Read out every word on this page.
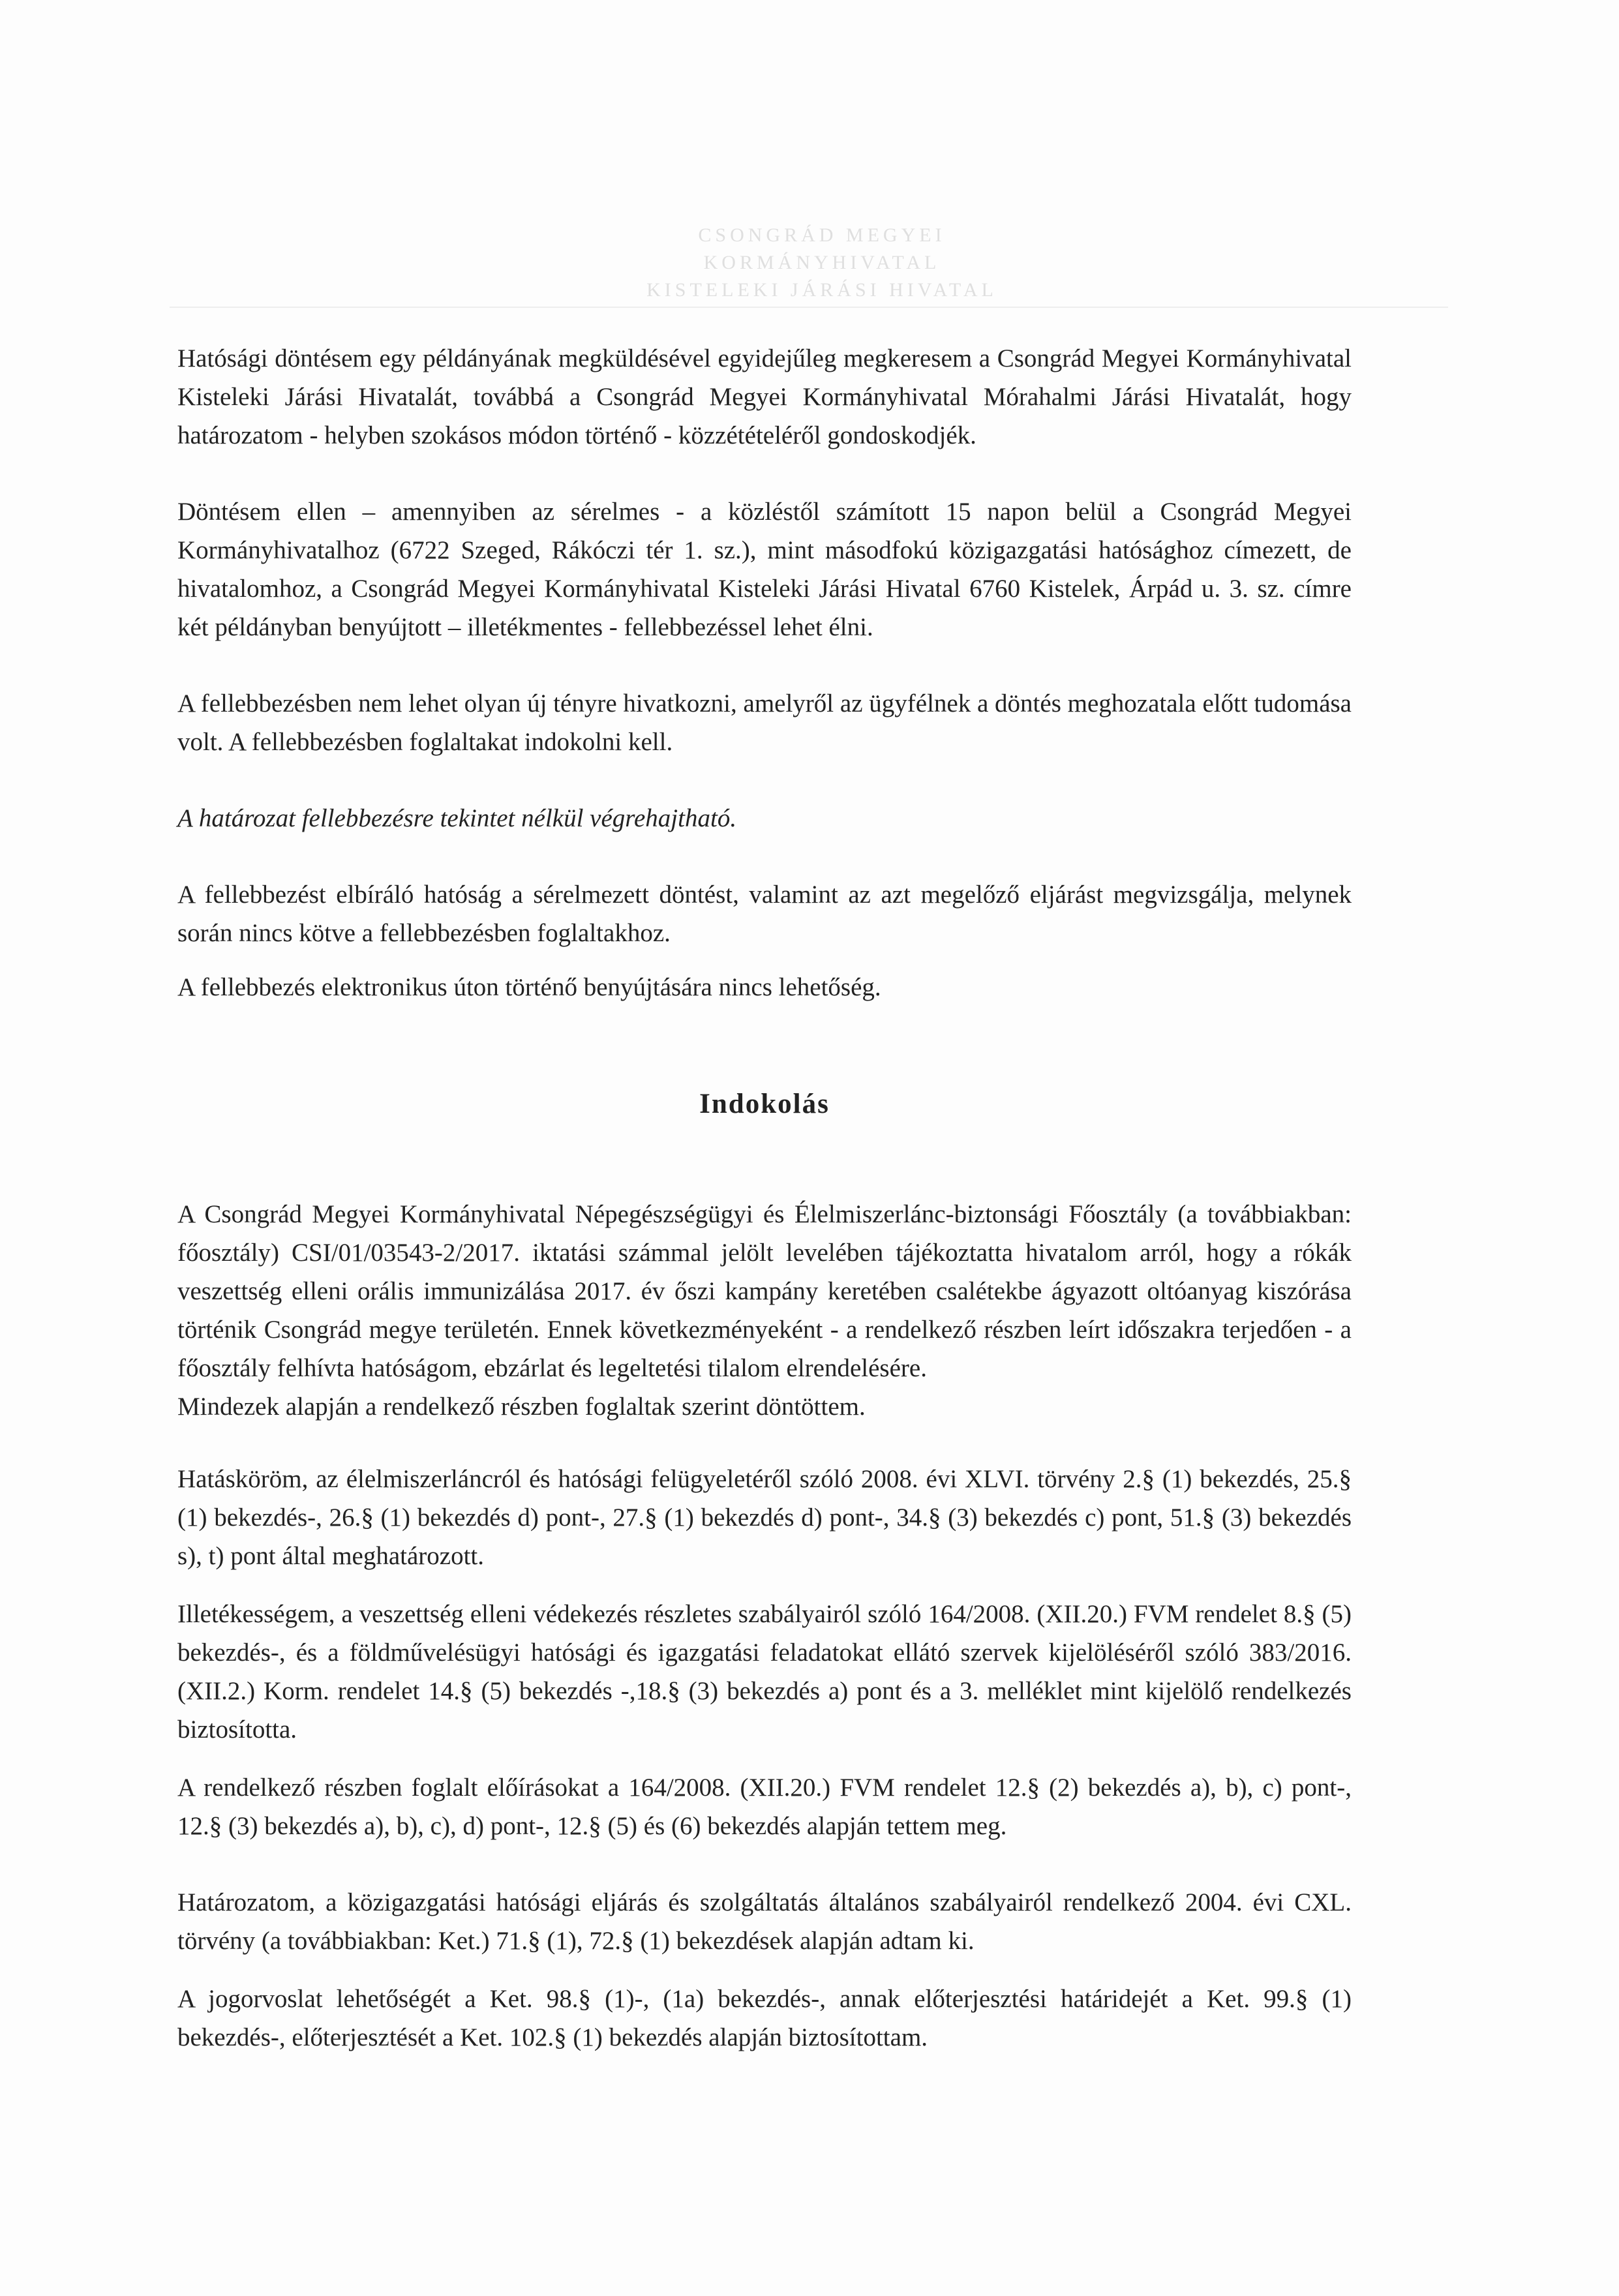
CSONGRÁD MEGYEI
KORMÁNYHIVATAL
KISTELEKI JÁRÁSI HIVATAL

Hatósági döntésem egy példányának megküldésével egyidejűleg megkeresem a Csongrád Megyei Kormányhivatal Kisteleki Járási Hivatalát, továbbá a Csongrád Megyei Kormányhivatal Mórahalmi Járási Hivatalát, hogy határozatom - helyben szokásos módon történő - közzétételéről gondoskodjék.

Döntésem ellen – amennyiben az sérelmes - a közléstől számított 15 napon belül a Csongrád Megyei Kormányhivatalhoz (6722 Szeged, Rákóczi tér 1. sz.), mint másodfokú közigazgatási hatósághoz címezett, de hivatalomhoz, a Csongrád Megyei Kormányhivatal Kisteleki Járási Hivatal 6760 Kistelek, Árpád u. 3. sz. címre két példányban benyújtott – illetékmentes - fellebbezéssel lehet élni.

A fellebbezésben nem lehet olyan új tényre hivatkozni, amelyről az ügyfélnek a döntés meghozatala előtt tudomása volt. A fellebbezésben foglaltakat indokolni kell.

A határozat fellebbezésre tekintet nélkül végrehajtható.

A fellebbezést elbíráló hatóság a sérelmezett döntést, valamint az azt megelőző eljárást megvizsgálja, melynek során nincs kötve a fellebbezésben foglaltakhoz.

A fellebbezés elektronikus úton történő benyújtására nincs lehetőség.

Indokolás

A Csongrád Megyei Kormányhivatal Népegészségügyi és Élelmiszerlánc-biztonsági Főosztály (a továbbiakban: főosztály) CSI/01/03543-2/2017. iktatási számmal jelölt levelében tájékoztatta hivatalom arról, hogy a rókák veszettség elleni orális immunizálása 2017. év őszi kampány keretében csalétekbe ágyazott oltóanyag kiszórása történik Csongrád megye területén. Ennek következményeként - a rendelkező részben leírt időszakra terjedően - a főosztály felhívta hatóságom, ebzárlat és legeltetési tilalom elrendelésére.

Mindezek alapján a rendelkező részben foglaltak szerint döntöttem.

Hatásköröm, az élelmiszerláncról és hatósági felügyeletéről szóló 2008. évi XLVI. törvény 2.§ (1) bekezdés, 25.§ (1) bekezdés-, 26.§ (1) bekezdés d) pont-, 27.§ (1) bekezdés d) pont-, 34.§ (3) bekezdés c) pont, 51.§ (3) bekezdés s), t) pont által meghatározott.

Illetékességem, a veszettség elleni védekezés részletes szabályairól szóló 164/2008. (XII.20.) FVM rendelet 8.§ (5) bekezdés-, és a földművelésügyi hatósági és igazgatási feladatokat ellátó szervek kijelöléséről szóló 383/2016. (XII.2.) Korm. rendelet 14.§ (5) bekezdés -,18.§ (3) bekezdés a) pont és a 3. melléklet mint kijelölő rendelkezés biztosította.

A rendelkező részben foglalt előírásokat a 164/2008. (XII.20.) FVM rendelet 12.§ (2) bekezdés a), b), c) pont-, 12.§ (3) bekezdés a), b), c), d) pont-, 12.§ (5) és (6) bekezdés alapján tettem meg.

Határozatom, a közigazgatási hatósági eljárás és szolgáltatás általános szabályairól rendelkező 2004. évi CXL. törvény (a továbbiakban: Ket.) 71.§ (1), 72.§ (1) bekezdések alapján adtam ki.

A jogorvoslat lehetőségét a Ket. 98.§ (1)-, (1a) bekezdés-, annak előterjesztési határidejét a Ket. 99.§ (1) bekezdés-, előterjesztését a Ket. 102.§ (1) bekezdés alapján biztosítottam.
